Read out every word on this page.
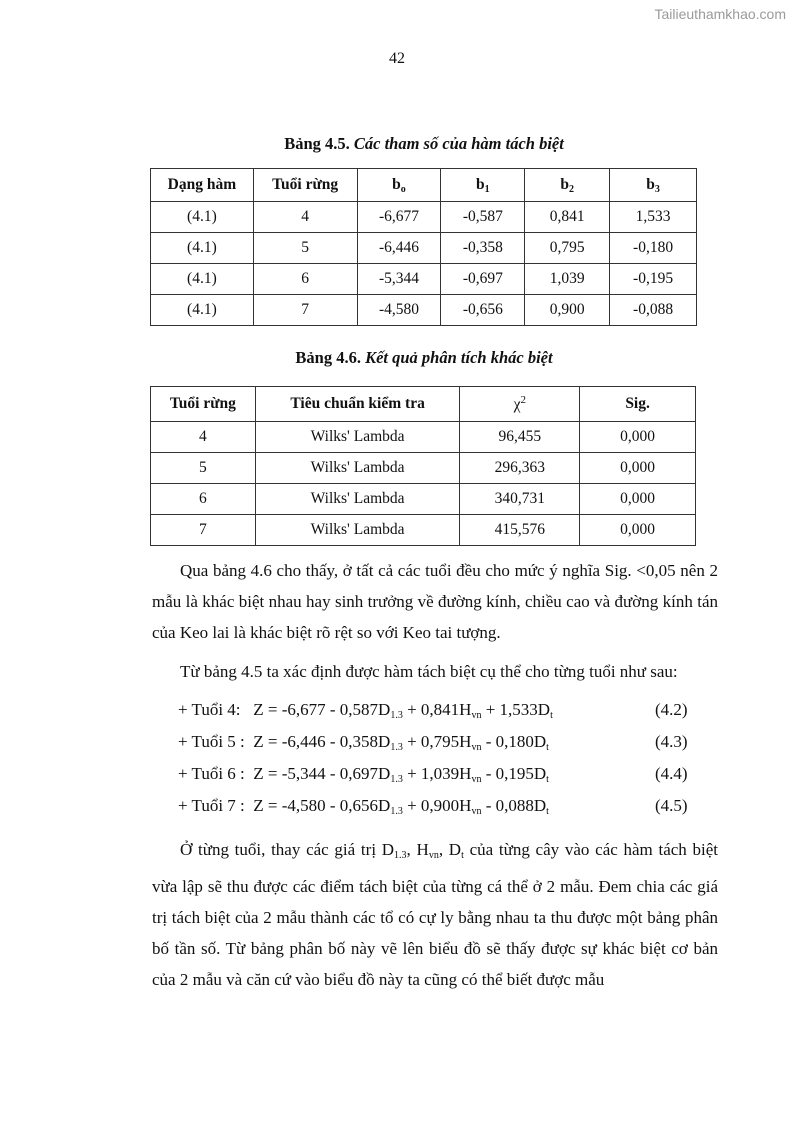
Tailieuthamkhao.com
42
Bảng 4.5. Các tham số của hàm tách biệt
Dạng hàm	Tuổi rừng	$b_o$	$b_1$	$b_2$	$b_3$
(4.1)	4	-6,677	-0,587	0,841	1,533
(4.1)	5	-6,446	-0,358	0,795	-0,180
(4.1)	6	-5,344	-0,697	1,039	-0,195
(4.1)	7	-4,580	-0,656	0,900	-0,088
Bảng 4.6. Kết quả phân tích khác biệt
Tuổi rừng	Tiêu chuẩn kiểm tra	$\chi^2$	Sig.
4	Wilks' Lambda	96,455	0,000
5	Wilks' Lambda	296,363	0,000
6	Wilks' Lambda	340,731	0,000
7	Wilks' Lambda	415,576	0,000
Qua bảng 4.6 cho thấy, ở tất cả các tuổi đều cho mức ý nghĩa Sig. <0,05 nên 2 mẫu là khác biệt nhau hay sinh trưởng về đường kính, chiều cao và đường kính tán của Keo lai là khác biệt rõ rệt so với Keo tai tượng.
Từ bảng 4.5 ta xác định được hàm tách biệt cụ thể cho từng tuổi như sau:
+ Tuổi 4: $Z = -6,677 - 0,587D_{1.3} + 0,841H_{vn} + 1,533D_t$	(4.2)
+ Tuổi 5 : $Z = -6,446 - 0,358D_{1.3} + 0,795H_{vn} - 0,180D_t$	(4.3)
+ Tuổi 6 : $Z = -5,344 - 0,697D_{1.3} + 1,039H_{vn} - 0,195D_t$	(4.4)
+ Tuổi 7 : $Z = -4,580 - 0,656D_{1.3} + 0,900H_{vn} - 0,088D_t$	(4.5)
Ở từng tuổi, thay các giá trị $D_{1.3}$, $H_{vn}$, $D_t$ của từng cây vào các hàm tách biệt vừa lập sẽ thu được các điểm tách biệt của từng cá thể ở 2 mẫu. Đem chia các giá trị tách biệt của 2 mẫu thành các tổ có cự ly bằng nhau ta thu được một bảng phân bố tần số. Từ bảng phân bố này vẽ lên biểu đồ sẽ thấy được sự khác biệt cơ bản của 2 mẫu và căn cứ vào biểu đồ này ta cũng có thể biết được mẫu
